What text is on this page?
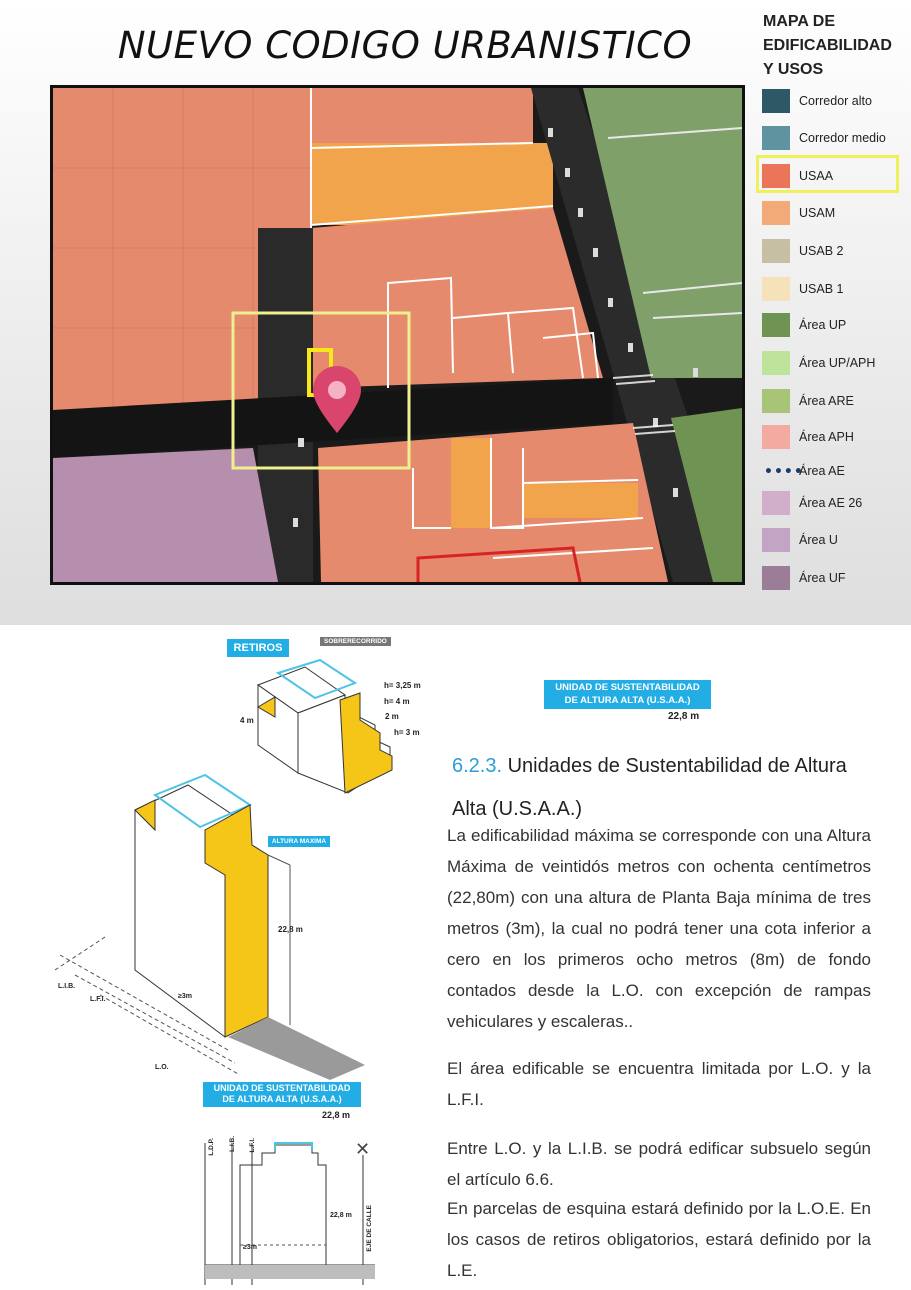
NUEVO CODIGO URBANISTICO
MAPA DE
EDIFICABILIDAD
Y USOS
Corredor alto
Corredor medio
USAA
USAM
USAB 2
USAB 1
Área UP
Área UP/APH
Área ARE
Área APH
••••
Área AE
Área AE 26
Área U
Área UF
✕
RETIROS
SOBRERECORRIDO
h= 3,25 m
h= 4 m
h= 3 m
2 m
4 m
ALTURA MAXIMA
22,8 m
≥3m
L.I.B.
L.F.I.
L.O.
UNIDAD DE SUSTENTABILIDAD
DE ALTURA ALTA (U.S.A.A.)
22,8 m
L.D.P. L.I.B. L.F.I.
22,8 m
≥3m	EJE DE CALLE
UNIDAD DE SUSTENTABILIDAD
DE ALTURA ALTA (U.S.A.A.)
22,8 m
6.2.3. Unidades de Sustentabilidad de Altura
Alta (U.S.A.A.)
La edificabilidad máxima se corresponde con una Altura Máxima de veintidós metros con ochenta centímetros (22,80m) con una altura de Planta Baja mínima de tres metros (3m), la cual no podrá tener una cota inferior a cero en los primeros ocho metros (8m) de fondo contados desde la L.O. con excepción de rampas vehiculares y escaleras..
El área edificable se encuentra limitada por L.O. y la L.F.I.
Entre L.O. y la L.I.B. se podrá edificar subsuelo según el artículo 6.6.
En parcelas de esquina estará definido por la L.O.E. En los casos de retiros obligatorios, estará definido por la L.E.
